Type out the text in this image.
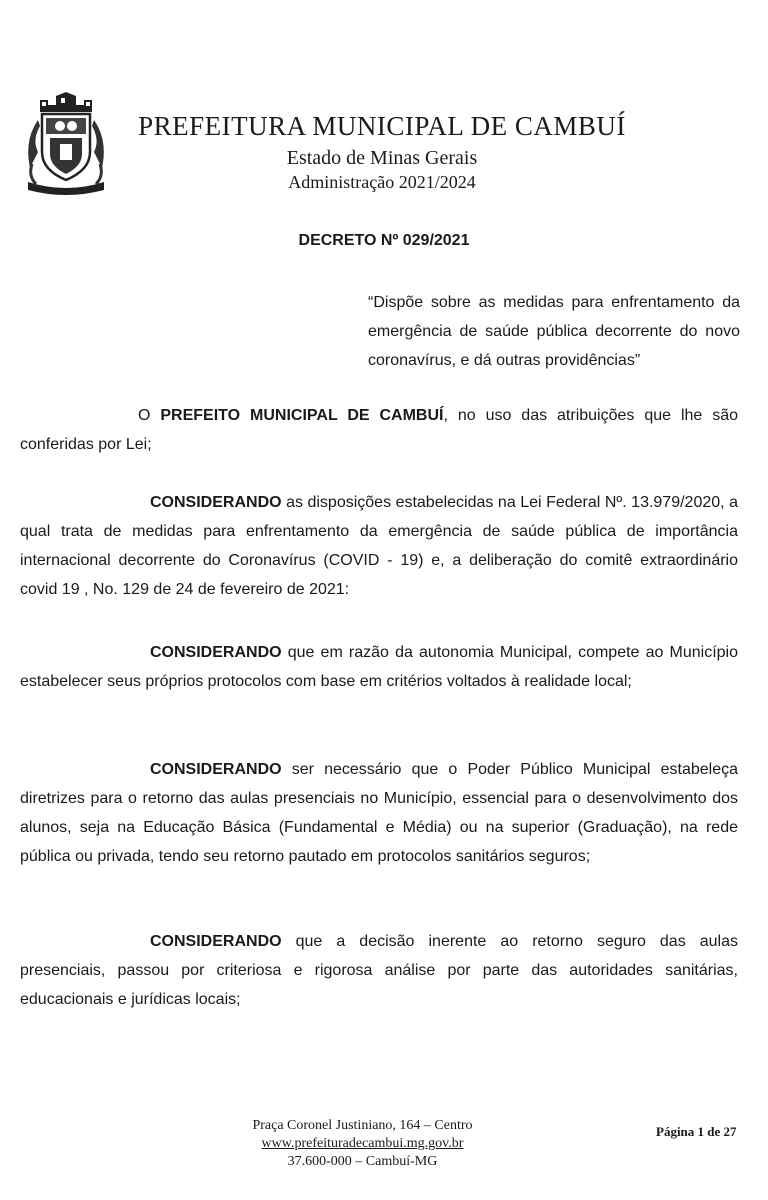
PREFEITURA MUNICIPAL DE CAMBUÍ
Estado de Minas Gerais
Administração 2021/2024
DECRETO Nº 029/2021
“Dispõe sobre as medidas para enfrentamento da emergência de saúde pública decorrente do novo coronavírus, e dá outras providências”
O PREFEITO MUNICIPAL DE CAMBUÍ, no uso das atribuições que lhe são conferidas por Lei;
CONSIDERANDO as disposições estabelecidas na Lei Federal Nº. 13.979/2020, a qual trata de medidas para enfrentamento da emergência de saúde pública de importância internacional decorrente do Coronavírus (COVID - 19) e, a deliberação do comitê extraordinário covid 19 , No. 129 de 24 de fevereiro de 2021:
CONSIDERANDO que em razão da autonomia Municipal, compete ao Município estabelecer seus próprios protocolos com base em critérios voltados à realidade local;
CONSIDERANDO ser necessário que o Poder Público Municipal estabeleça diretrizes para o retorno das aulas presenciais no Município, essencial para o desenvolvimento dos alunos, seja na Educação Básica (Fundamental e Média) ou na superior (Graduação), na rede pública ou privada, tendo seu retorno pautado em protocolos sanitários seguros;
CONSIDERANDO que a decisão inerente ao retorno seguro das aulas presenciais, passou por criteriosa e rigorosa análise por parte das autoridades sanitárias, educacionais e jurídicas locais;
Praça Coronel Justiniano, 164 – Centro
www.prefeituradecambui.mg.gov.br
37.600-000 – Cambuí-MG
Página 1 de 27
